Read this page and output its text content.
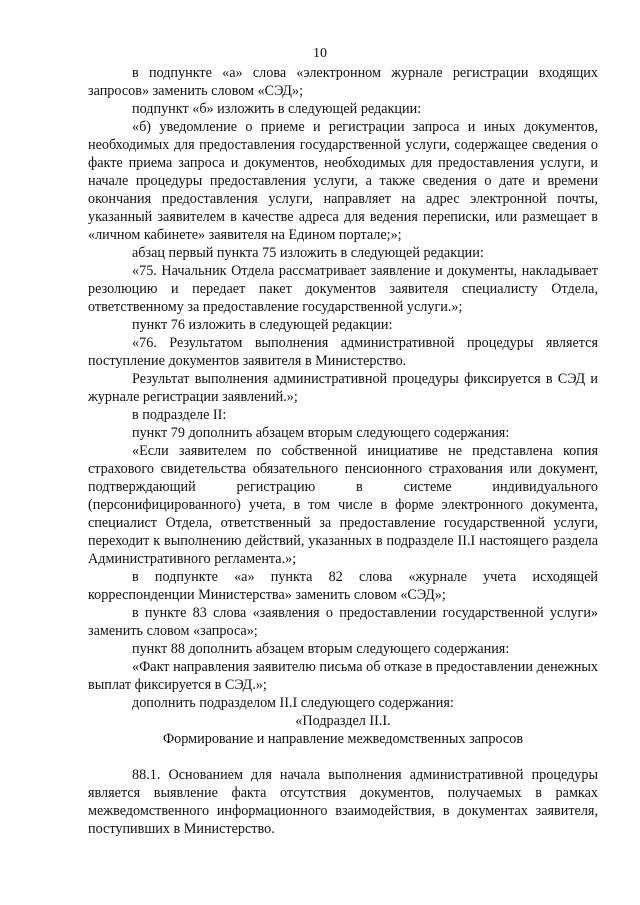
10

в подпункте «а» слова «электронном журнале регистрации входящих запросов» заменить словом «СЭД»;

подпункт «б» изложить в следующей редакции:

«б) уведомление о приеме и регистрации запроса и иных документов, необходимых для предоставления государственной услуги, содержащее сведения о факте приема запроса и документов, необходимых для предоставления услуги, и начале процедуры предоставления услуги, а также сведения о дате и времени окончания предоставления услуги, направляет на адрес электронной почты, указанный заявителем в качестве адреса для ведения переписки, или размещает в «личном кабинете» заявителя на Едином портале;»;

абзац первый пункта 75 изложить в следующей редакции:

«75. Начальник Отдела рассматривает заявление и документы, накладывает резолюцию и передает пакет документов заявителя специалисту Отдела, ответственному за предоставление государственной услуги.»;

пункт 76 изложить в следующей редакции:

«76. Результатом выполнения административной процедуры является поступление документов заявителя в Министерство.

Результат выполнения административной процедуры фиксируется в СЭД и журнале регистрации заявлений.»;

в подразделе II:

пункт 79 дополнить абзацем вторым следующего содержания:

«Если заявителем по собственной инициативе не представлена копия страхового свидетельства обязательного пенсионного страхования или документ, подтверждающий регистрацию в системе индивидуального (персонифицированного) учета, в том числе в форме электронного документа, специалист Отдела, ответственный за предоставление государственной услуги, переходит к выполнению действий, указанных в подразделе II.I настоящего раздела Административного регламента.»;

в подпункте «а» пункта 82 слова «журнале учета исходящей корреспонденции Министерства» заменить словом «СЭД»;

в пункте 83 слова «заявления о предоставлении государственной услуги» заменить словом «запроса»;

пункт 88 дополнить абзацем вторым следующего содержания:

«Факт направления заявителю письма об отказе в предоставлении денежных выплат фиксируется в СЭД.»;

дополнить подразделом II.I следующего содержания:

«Подраздел II.I.

Формирование и направление межведомственных запросов

88.1. Основанием для начала выполнения административной процедуры является выявление факта отсутствия документов, получаемых в рамках межведомственного информационного взаимодействия, в документах заявителя, поступивших в Министерство.
